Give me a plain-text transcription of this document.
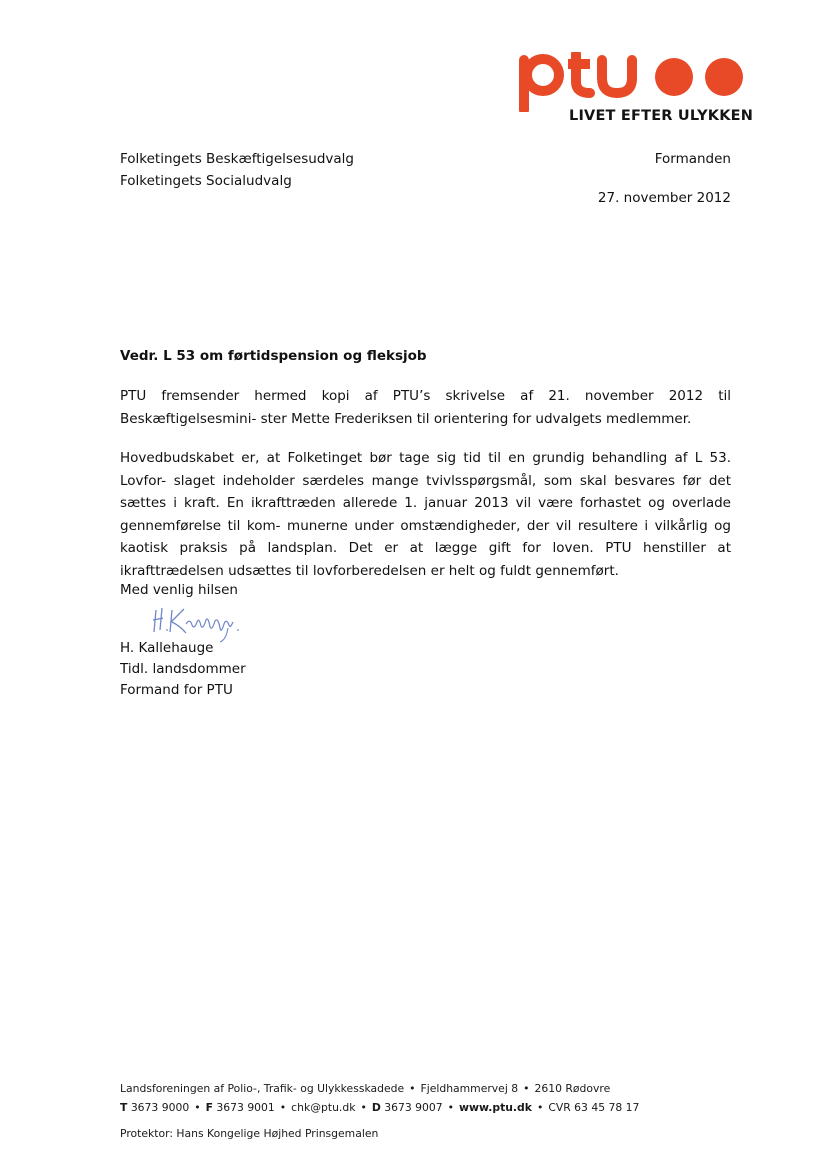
LIVET EFTER ULYKKEN
Folketingets Beskæftigelsesudvalg
Folketingets Socialudvalg
Formanden
27. november 2012
Vedr. L 53 om førtidspension og fleksjob
PTU fremsender hermed kopi af PTU’s skrivelse af 21. november 2012 til Beskæftigelsesmini- ster Mette Frederiksen til orientering for udvalgets medlemmer.
Hovedbudskabet er, at Folketinget bør tage sig tid til en grundig behandling af L 53. Lovfor- slaget indeholder særdeles mange tvivlsspørgsmål, som skal besvares før det sættes i kraft. En ikrafttræden allerede 1. januar 2013 vil være forhastet og overlade gennemførelse til kom- munerne under omstændigheder, der vil resultere i vilkårlig og kaotisk praksis på landsplan. Det er at lægge gift for loven. PTU henstiller at ikrafttrædelsen udsættes til lovforberedelsen er helt og fuldt gennemført.
Med venlig hilsen
H. Kallehauge
Tidl. landsdommer
Formand for PTU
Landsforeningen af Polio-, Trafik- og Ulykkesskadede • Fjeldhammervej 8 • 2610 Rødovre
T 3673 9000 • F 3673 9001 • chk@ptu.dk • D 3673 9007 • www.ptu.dk • CVR 63 45 78 17
Protektor: Hans Kongelige Højhed Prinsgemalen
